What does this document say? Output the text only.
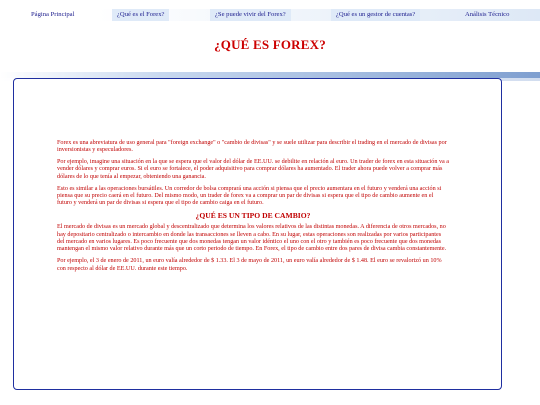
Página Principal	¿Qué es el Forex?	¿Se puede vivir del Forex?	¿Qué es un gestor de cuentas?	Análisis Técnico
¿QUÉ ES FOREX?

Forex es una abreviatura de uso general para "foreign exchange" o "cambio de divisas" y se suele utilizar para describir el trading en el mercado de divisas por inversionistas y especuladores.

Por ejemplo, imagine una situación en la que se espera que el valor del dólar de EE.UU. se debilite en relación al euro. Un trader de forex en esta situación va a vender dólares y comprar euros. Si el euro se fortalece, el poder adquisitivo para comprar dólares ha aumentado. El trader ahora puede volver a comprar más dólares de lo que tenía al empezar, obteniendo una ganancia.

Esto es similar a las operaciones bursátiles. Un corredor de bolsa comprará una acción si piensa que el precio aumentara en el futuro y venderá una acción si piensa que su precio caerá en el futuro. Del mismo modo, un trader de forex va a comprar un par de divisas si espera que el tipo de cambio aumente en el futuro y venderá un par de divisas si espera que el tipo de cambio caiga en el futuro.

¿QUÉ ES UN TIPO DE CAMBIO?

El mercado de divisas es un mercado global y descentralizado que determina los valores relativos de las distintas monedas. A diferencia de otros mercados, no hay depositario centralizado o intercambio en donde las transacciones se lleven a cabo. En su lugar, estas operaciones son realizadas por varios participantes del mercado en varios lugares. Es poco frecuente que dos monedas tengan un valor idéntico el uno con el otro y también es poco frecuente que dos monedas mantengan el mismo valor relativo durante más que un corto periodo de tiempo. En Forex, el tipo de cambio entre dos pares de divisa cambia constantemente.

Por ejemplo, el 3 de enero de 2011, un euro valía alrededor de $ 1.33. El 3 de mayo de 2011, un euro valía alrededor de $ 1.48. El euro se revalorizó un 10% con respecto al dólar de EE.UU. durante este tiempo.
